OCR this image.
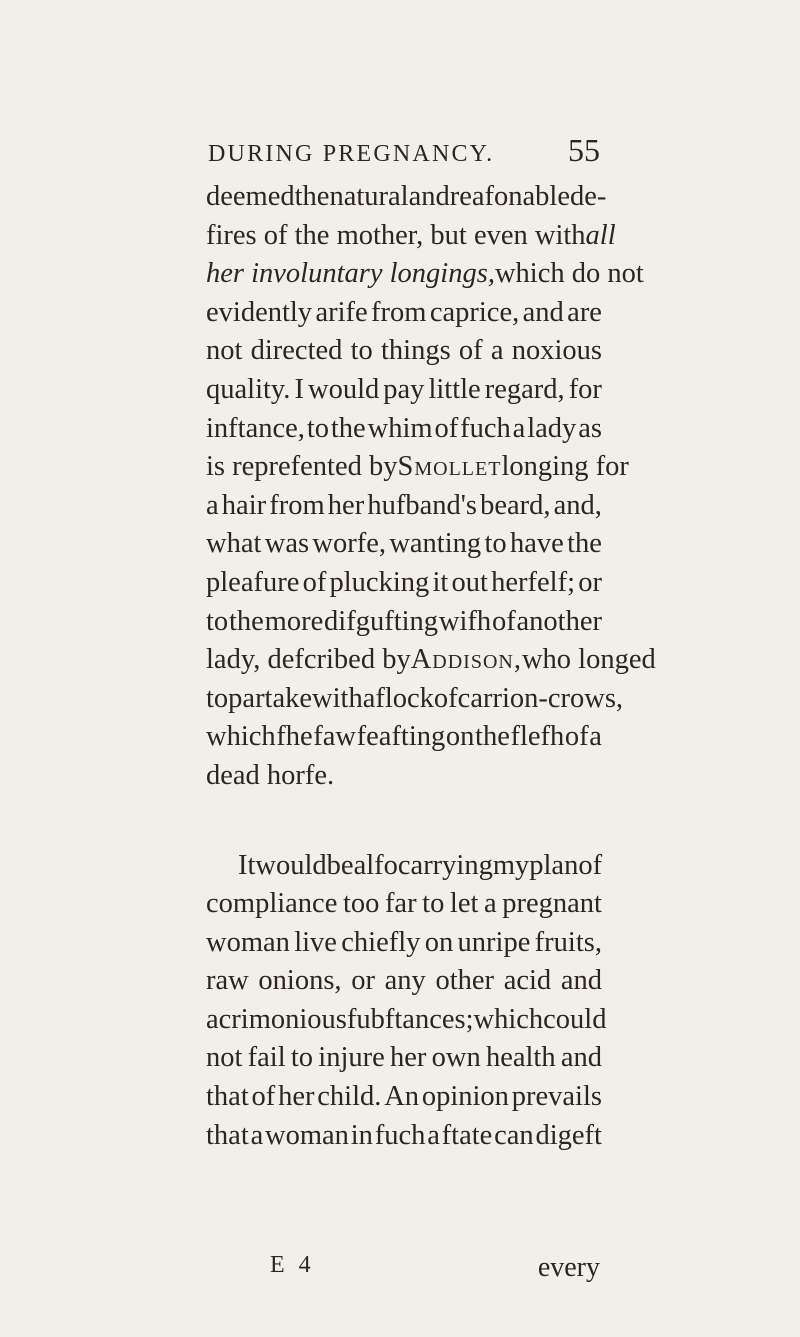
DURING PREGNANCY. 55
deemed the natural and reafonable de-
fires of the mother, but even with all
her involuntary longings, which do not
evidently arife from caprice, and are
not directed to things of a noxious
quality. I would pay little regard, for
inftance, to the whim of fuch a lady as
is reprefented by Smollet longing for
a hair from her hufband's beard, and,
what was worfe, wanting to have the
pleafure of plucking it out herfelf; or
to the more difgufting wifh of another
lady, defcribed by Addison, who longed
to partake with a flock of carrion-crows,
which fhe faw feafting on the flefh of a
dead horfe.
It would be alfo carrying my plan of
compliance too far to let a pregnant
woman live chiefly on unripe fruits,
raw onions, or any other acid and
acrimonious fubftances; which could
not fail to injure her own health and
that of her child. An opinion prevails
that a woman in fuch a ftate can digeft
E 4	every
